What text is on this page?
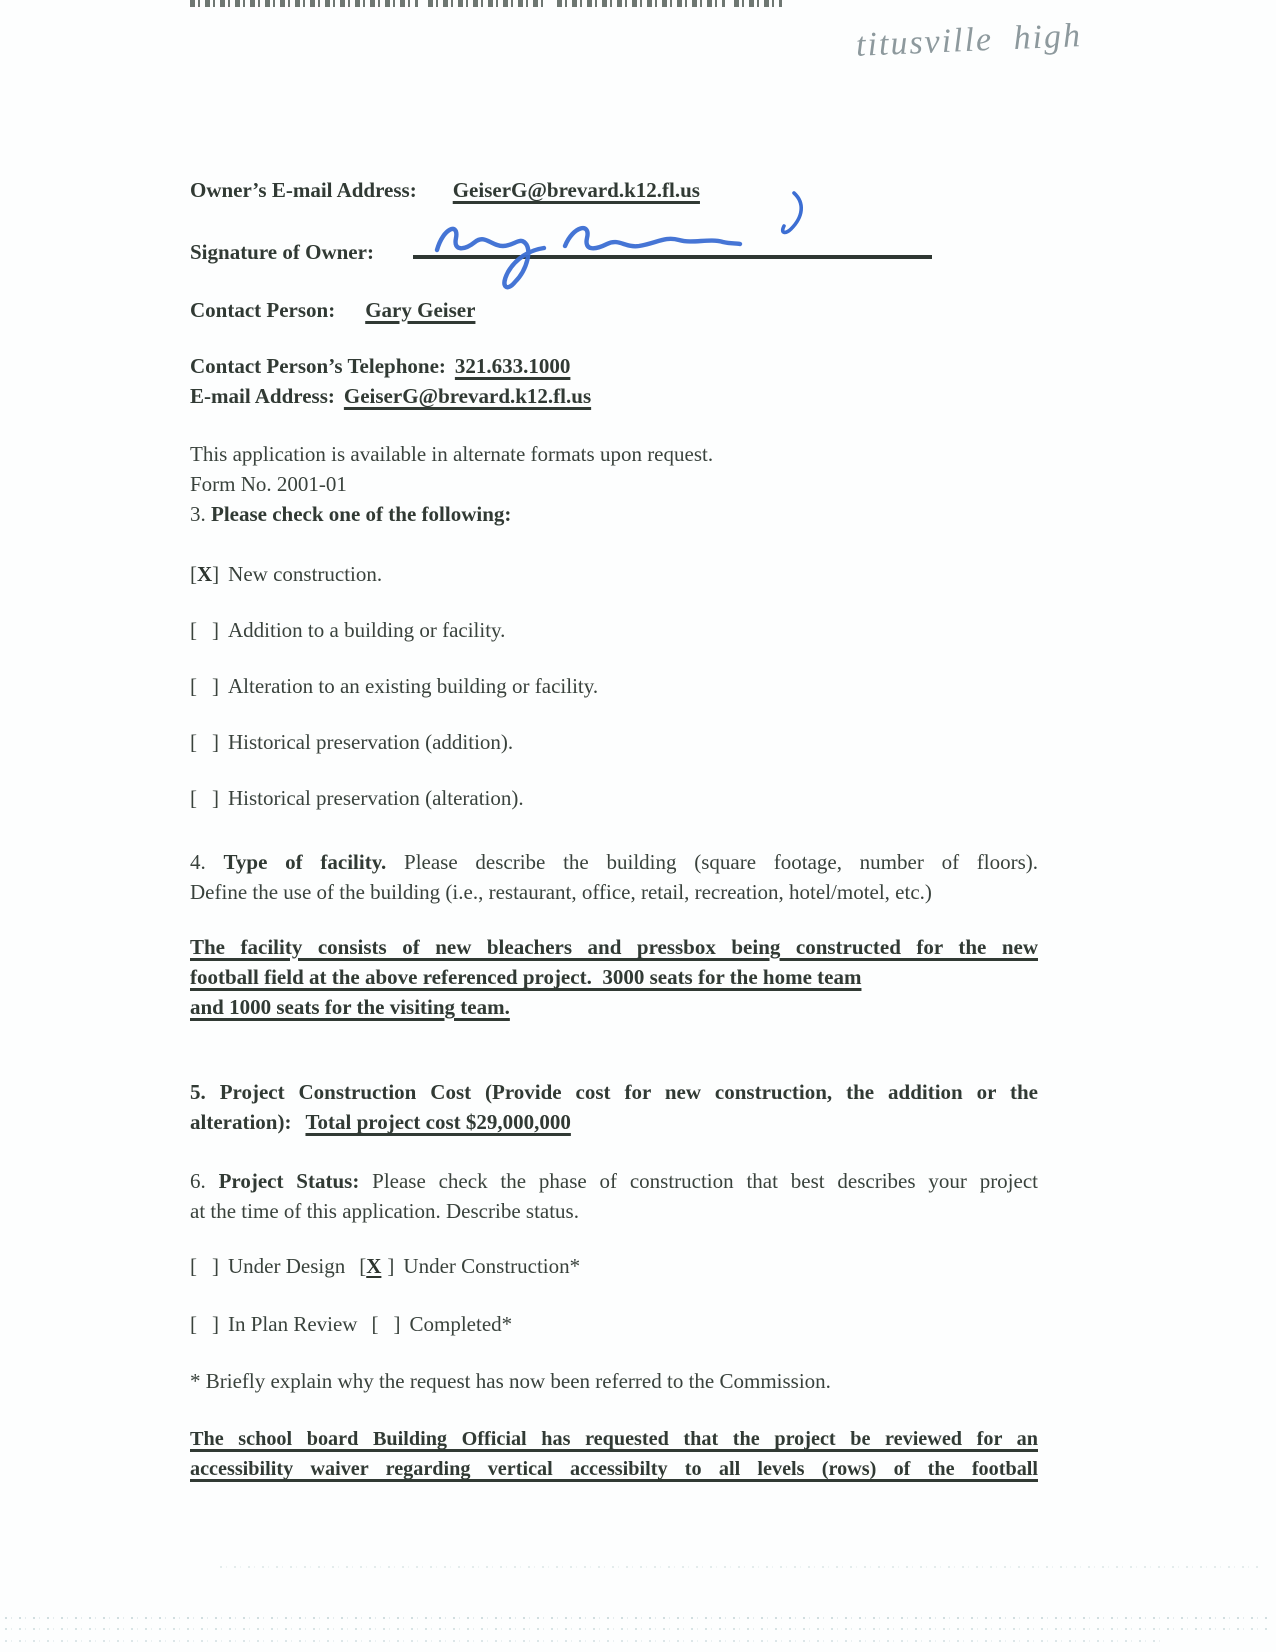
titusville high
Owner’s E-mail Address: GeiserG@brevard.k12.fl.us
Signature of Owner:
Contact Person: Gary Geiser
Contact Person’s Telephone: 321.633.1000
E-mail Address: GeiserG@brevard.k12.fl.us
This application is available in alternate formats upon request.
Form No. 2001-01
3. Please check one of the following:
[X] New construction.
[ ] Addition to a building or facility.
[ ] Alteration to an existing building or facility.
[ ] Historical preservation (addition).
[ ] Historical preservation (alteration).
4. Type of facility. Please describe the building (square footage, number of floors).
Define the use of the building (i.e., restaurant, office, retail, recreation, hotel/motel, etc.)
The facility consists of new bleachers and pressbox being constructed for the new
football field at the above referenced project.  3000 seats for the home team
and 1000 seats for the visiting team.
5. Project Construction Cost (Provide cost for new construction, the addition or the
alteration): Total project cost $29,000,000
6. Project Status: Please check the phase of construction that best describes your project
at the time of this application. Describe status.
[ ] Under Design [X ] Under Construction*
[ ] In Plan Review [ ] Completed*
* Briefly explain why the request has now been referred to the Commission.
The school board Building Official has requested that the project be reviewed for an
accessibility waiver regarding vertical accessibilty to all levels (rows) of the football
